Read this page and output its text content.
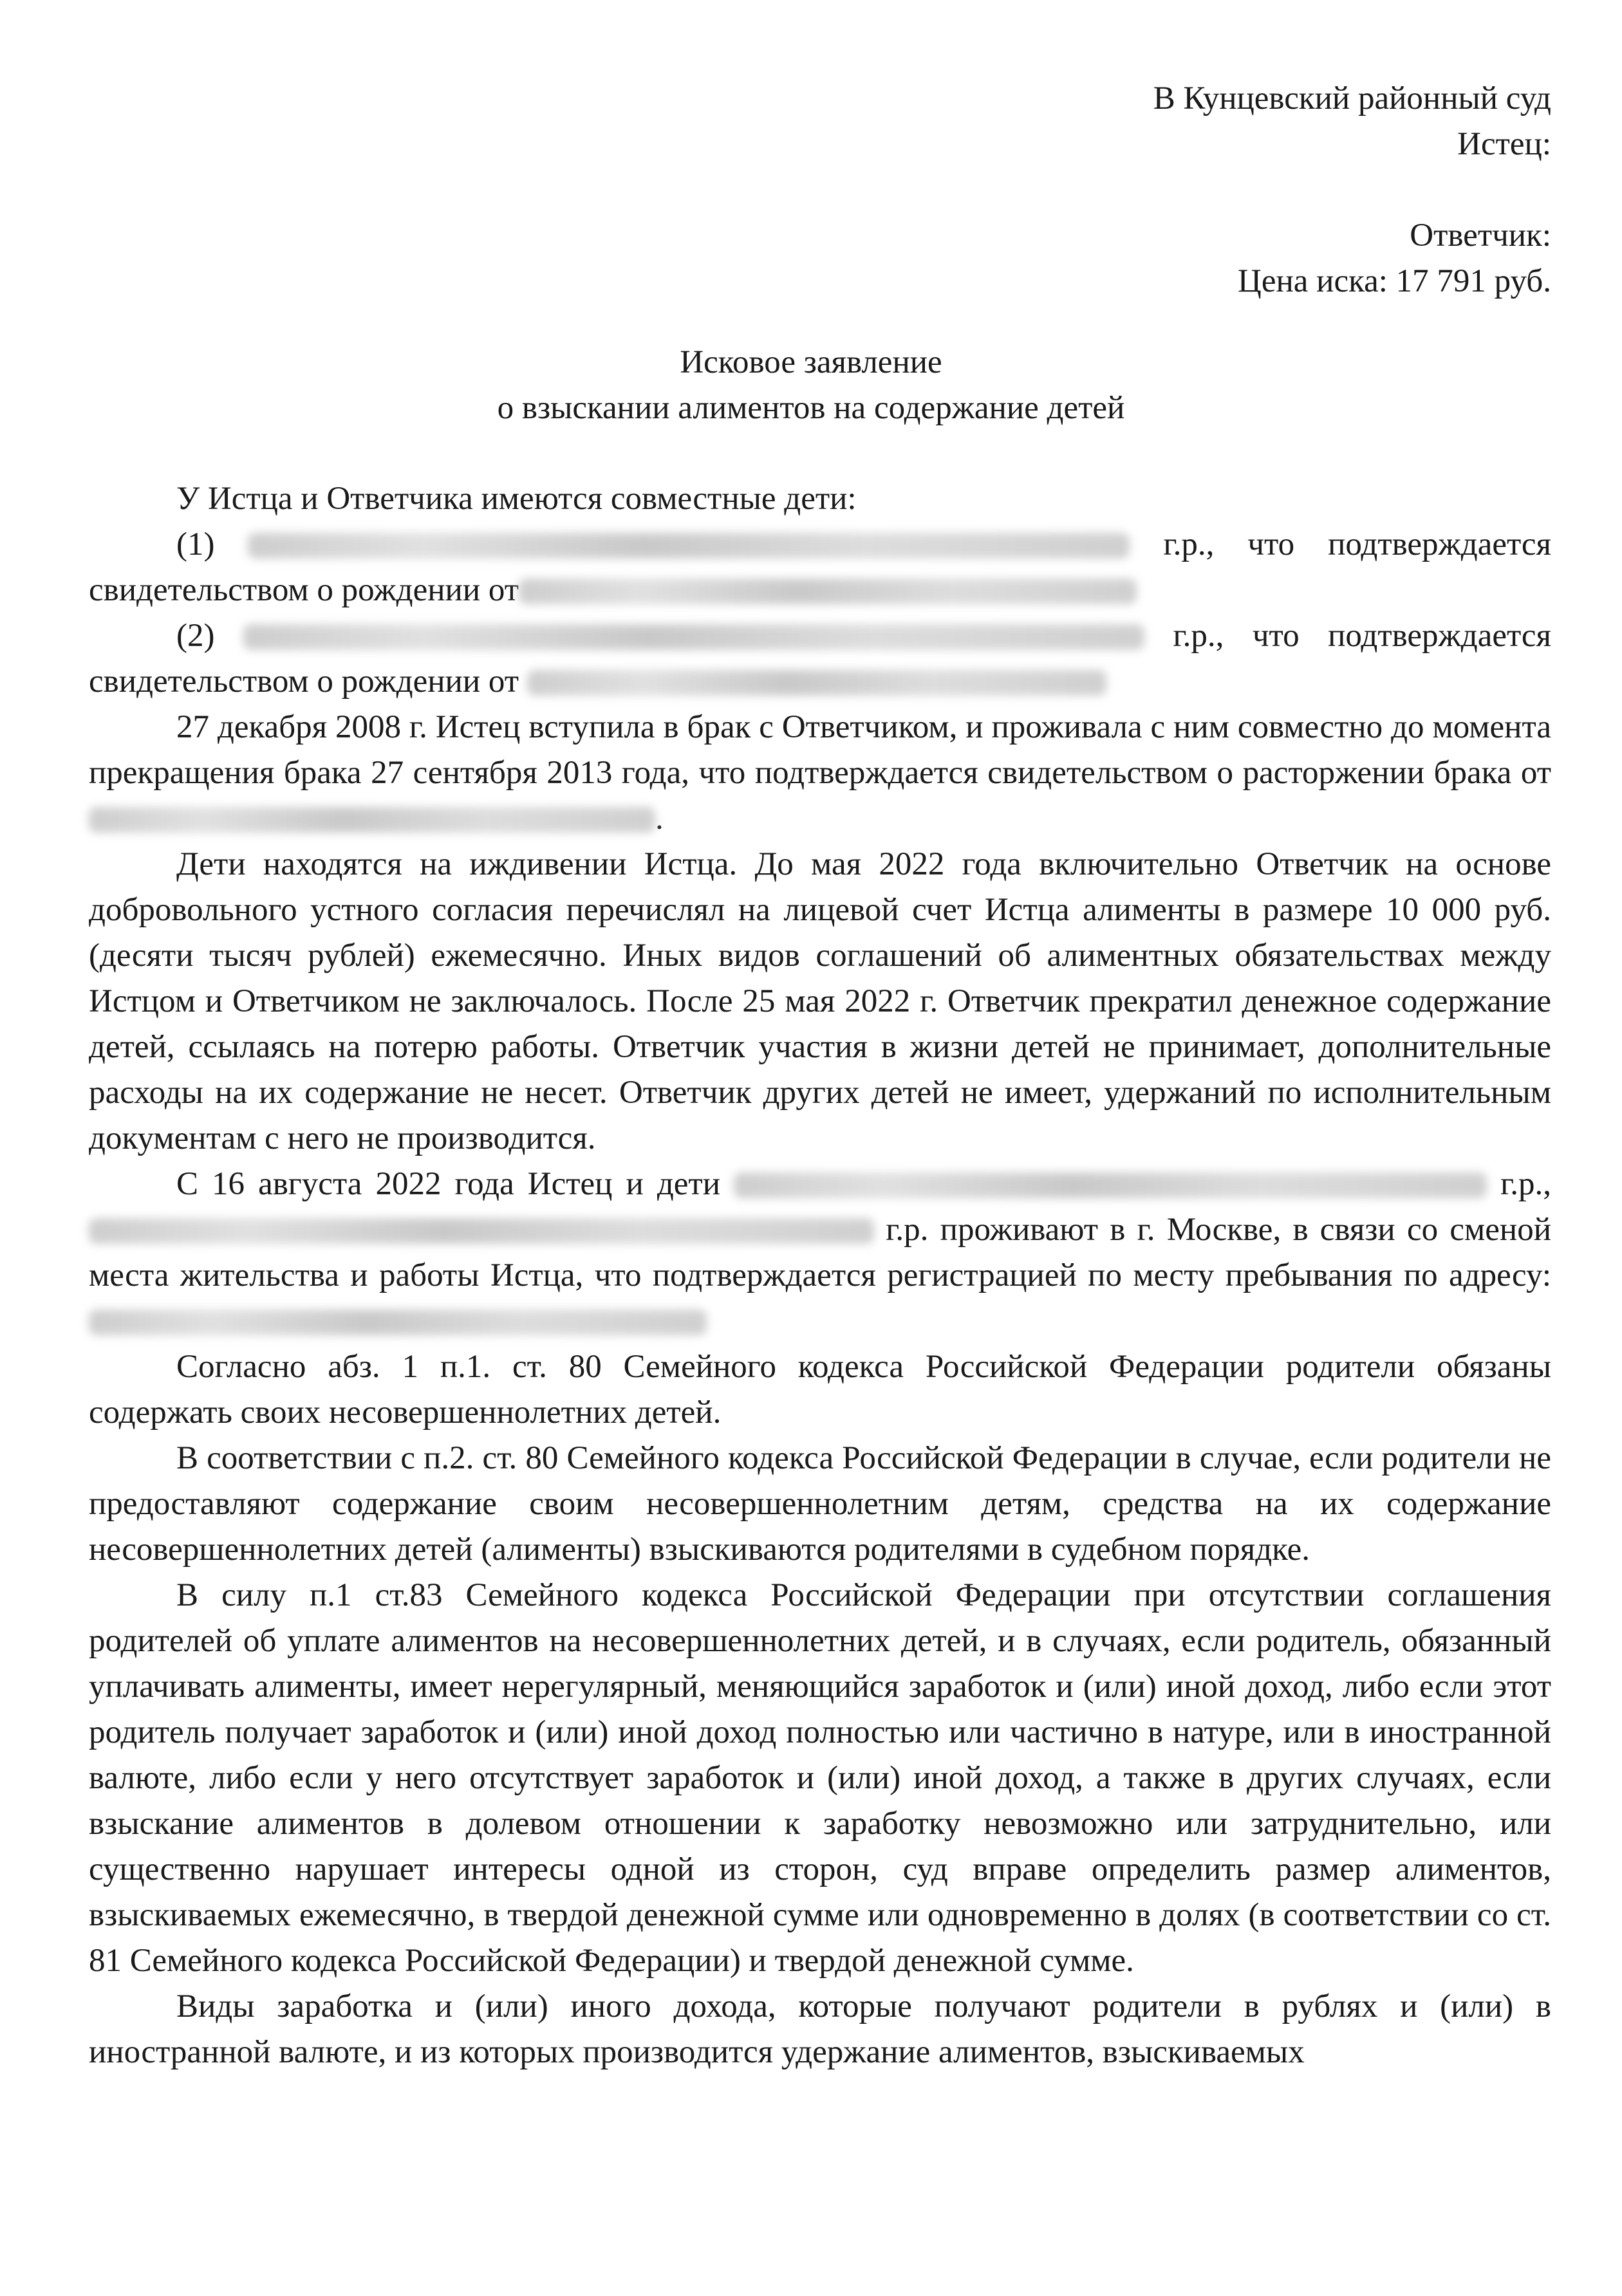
В Кунцевский районный суд
Истец:
Ответчик:
Цена иска: 17 791 руб.
Исковое заявление
о взыскании алиментов на содержание детей

У Истца и Ответчика имеются совместные дети:

(1)	г.р., что подтверждается

свидетельством о рождении от

(2)	г.р., что подтверждается

свидетельством о рождении от

27 декабря 2008 г. Истец вступила в брак с Ответчиком, и проживала с ним совместно до момента прекращения брака 27 сентября 2013 года, что подтверждается свидетельством о расторжении брака от .

Дети находятся на иждивении Истца. До мая 2022 года включительно Ответчик на основе добровольного устного согласия перечислял на лицевой счет Истца алименты в размере 10 000 руб. (десяти тысяч рублей) ежемесячно. Иных видов соглашений об алиментных обязательствах между Истцом и Ответчиком не заключалось. После 25 мая 2022 г. Ответчик прекратил денежное содержание детей, ссылаясь на потерю работы. Ответчик участия в жизни детей не принимает, дополнительные расходы на их содержание не несет. Ответчик других детей не имеет, удержаний по исполнительным документам с него не производится.

С 16 августа 2022 года Истец и дети	г.р.,  г.р. проживают в г. Москве, в связи со сменой места жительства и работы Истца, что подтверждается регистрацией по месту пребывания по адресу:

Согласно абз. 1 п.1. ст. 80 Семейного кодекса Российской Федерации родители обязаны содержать своих несовершеннолетних детей.

В соответствии с п.2. ст. 80 Семейного кодекса Российской Федерации в случае, если родители не предоставляют содержание своим несовершеннолетним детям, средства на их содержание несовершеннолетних детей (алименты) взыскиваются родителями в судебном порядке.

В силу п.1 ст.83 Семейного кодекса Российской Федерации при отсутствии соглашения родителей об уплате алиментов на несовершеннолетних детей, и в случаях, если родитель, обязанный уплачивать алименты, имеет нерегулярный, меняющийся заработок и (или) иной доход, либо если этот родитель получает заработок и (или) иной доход полностью или частично в натуре, или в иностранной валюте, либо если у него отсутствует заработок и (или) иной доход, а также в других случаях, если взыскание алиментов в долевом отношении к заработку невозможно или затруднительно, или существенно нарушает интересы одной из сторон, суд вправе определить размер алиментов, взыскиваемых ежемесячно, в твердой денежной сумме или одновременно в долях (в соответствии со ст. 81 Семейного кодекса Российской Федерации) и твердой денежной сумме.

Виды заработка и (или) иного дохода, которые получают родители в рублях и (или) в иностранной валюте, и из которых производится удержание алиментов, взыскиваемых
